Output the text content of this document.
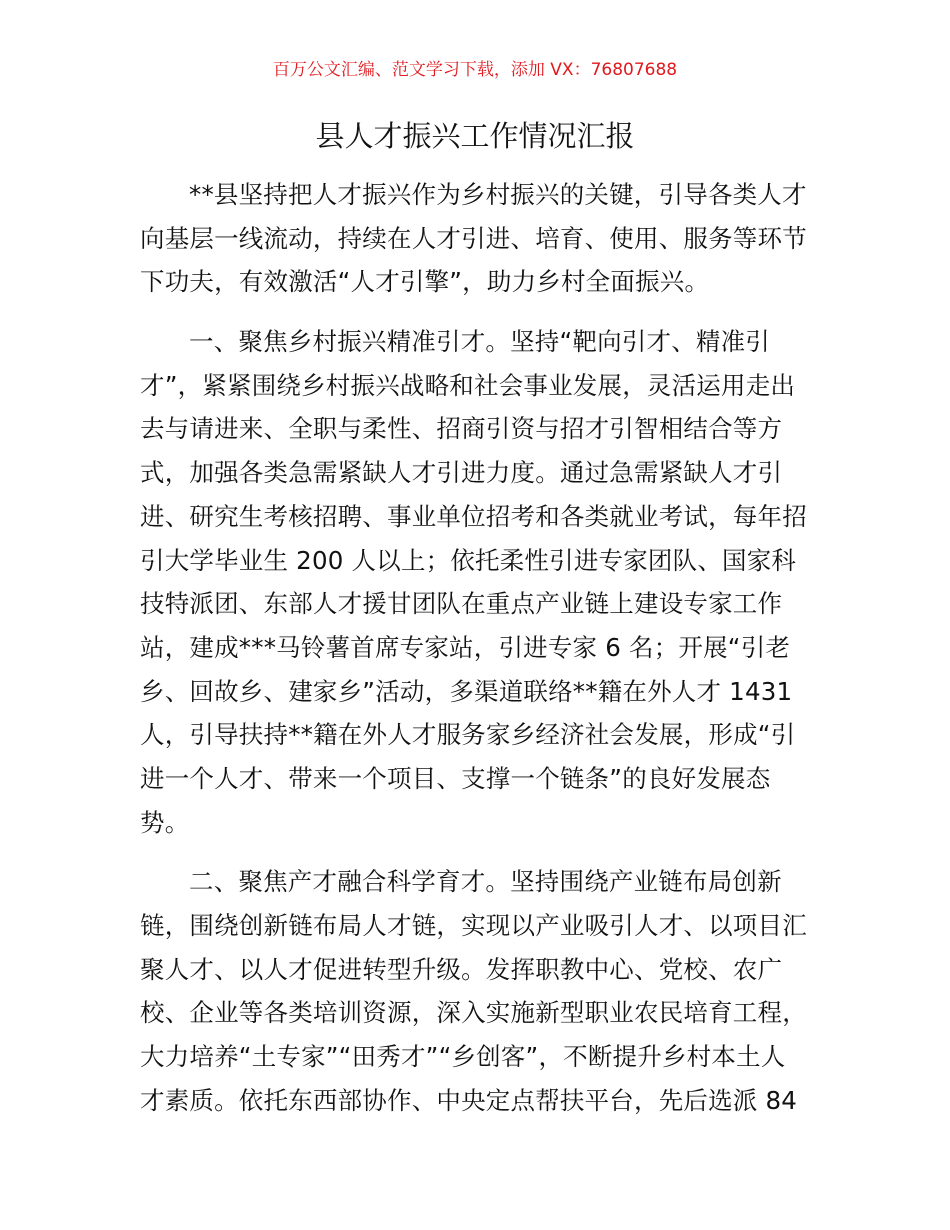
百万公文汇编、范文学习下载，添加 VX：76807688
县人才振兴工作情况汇报
**县坚持把人才振兴作为乡村振兴的关键，引导各类人才
向基层一线流动，持续在人才引进、培育、使用、服务等环节
下功夫，有效激活“人才引擎”，助力乡村全面振兴。
一、聚焦乡村振兴精准引才。坚持“靶向引才、精准引
才”，紧紧围绕乡村振兴战略和社会事业发展，灵活运用走出
去与请进来、全职与柔性、招商引资与招才引智相结合等方
式，加强各类急需紧缺人才引进力度。通过急需紧缺人才引
进、研究生考核招聘、事业单位招考和各类就业考试，每年招
引大学毕业生 200 人以上；依托柔性引进专家团队、国家科
技特派团、东部人才援甘团队在重点产业链上建设专家工作
站，建成***马铃薯首席专家站，引进专家 6 名；开展“引老
乡、回故乡、建家乡”活动，多渠道联络**籍在外人才 1431
人，引导扶持**籍在外人才服务家乡经济社会发展，形成“引
进一个人才、带来一个项目、支撑一个链条”的良好发展态
势。
二、聚焦产才融合科学育才。坚持围绕产业链布局创新
链，围绕创新链布局人才链，实现以产业吸引人才、以项目汇
聚人才、以人才促进转型升级。发挥职教中心、党校、农广
校、企业等各类培训资源，深入实施新型职业农民培育工程，
大力培养“土专家”“田秀才”“乡创客”，不断提升乡村本土人
才素质。依托东西部协作、中央定点帮扶平台，先后选派 84
